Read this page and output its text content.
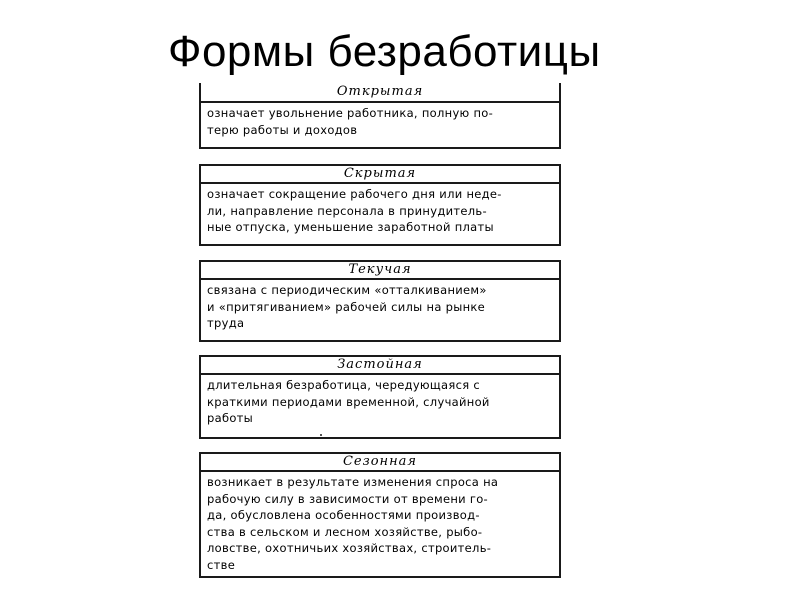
Формы безработицы
Открытая
означает увольнение работника, полную по-
терю работы и доходов
Скрытая
означает сокращение рабочего дня или неде-
ли, направление персонала в принудитель-
ные отпуска, уменьшение заработной платы
Текучая
связана с периодическим «отталкиванием»
и «притягиванием» рабочей силы на рынке
труда
Застойная
длительная безработица, чередующаяся с
краткими периодами временной, случайной
работы
Сезонная
возникает в результате изменения спроса на
рабочую силу в зависимости от времени го-
да, обусловлена особенностями производ-
ства в сельском и лесном хозяйстве, рыбо-
ловстве, охотничьих хозяйствах, строитель-
стве
